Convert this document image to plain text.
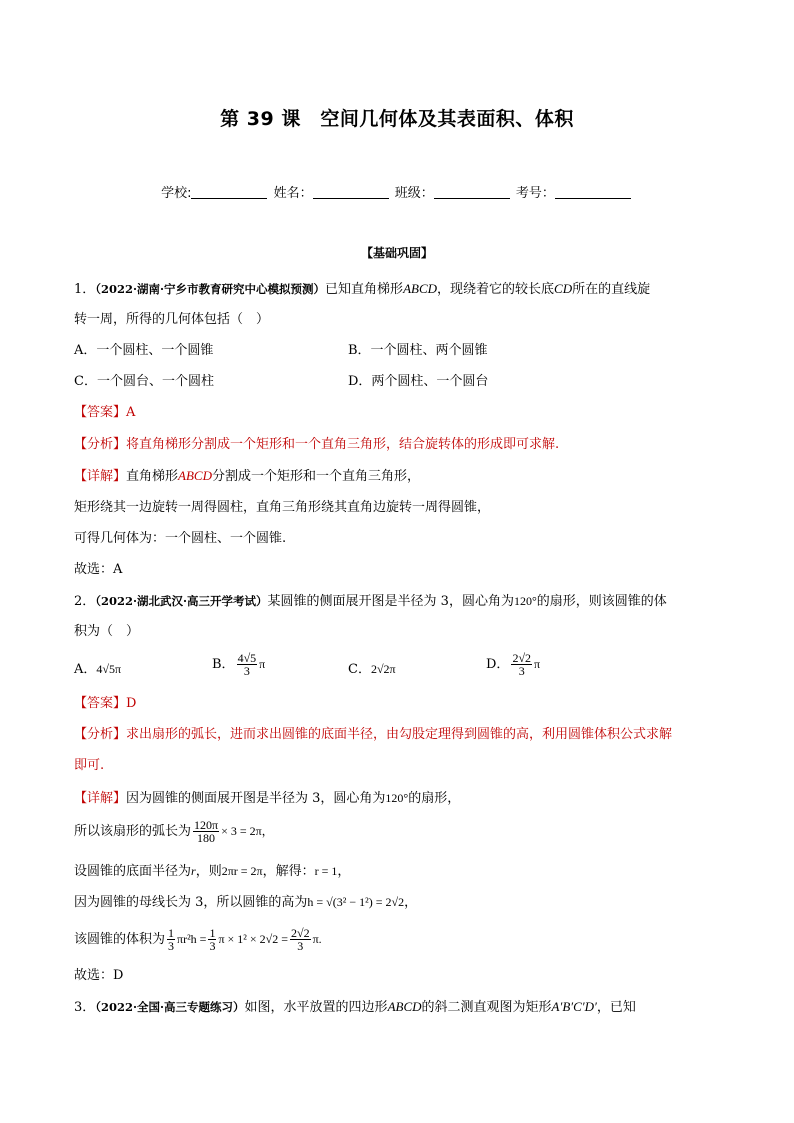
第 39 课　空间几何体及其表面积、体积
学校:	姓名：	班级：	考号：
【基础巩固】
1．（2022·湖南·宁乡市教育研究中心模拟预测）已知直角梯形ABCD，现绕着它的较长底CD所在的直线旋
转一周，所得的几何体包括（　）
A．一个圆柱、一个圆锥	B．一个圆柱、两个圆锥
C．一个圆台、一个圆柱	D．两个圆柱、一个圆台
【答案】A
【分析】将直角梯形分割成一个矩形和一个直角三角形，结合旋转体的形成即可求解.
【详解】直角梯形ABCD分割成一个矩形和一个直角三角形，
矩形绕其一边旋转一周得圆柱，直角三角形绕其直角边旋转一周得圆锥，
可得几何体为：一个圆柱、一个圆锥.
故选：A
2．（2022·湖北武汉·高三开学考试）某圆锥的侧面展开图是半径为 3，圆心角为120°的扇形，则该圆锥的体
积为（　）
A．4√5π	B． $\frac{4√5}{3}$ π	C．2√2π	D． $\frac{2√2}{3}$ π
【答案】D
【分析】求出扇形的弧长，进而求出圆锥的底面半径，由勾股定理得到圆锥的高，利用圆锥体积公式求解
即可.
【详解】因为圆锥的侧面展开图是半径为 3，圆心角为120°的扇形，
所以该扇形的弧长为 $\frac{120\pi}{180} \times 3 = 2\pi$，
设圆锥的底面半径为r，则2πr = 2π，解得：r = 1，
因为圆锥的母线长为 3，所以圆锥的高为h = √(3² − 1²) = 2√2，
该圆锥的体积为 $\frac{1}{3} \pi r^2h = \frac{1}{3}$ $\pi \times 1^2 \times 2√2 = \frac{2√2}{3} \pi$.
故选：D
3．（2022·全国·高三专题练习）如图，水平放置的四边形ABCD的斜二测直观图为矩形A′B′C′D′，已知
